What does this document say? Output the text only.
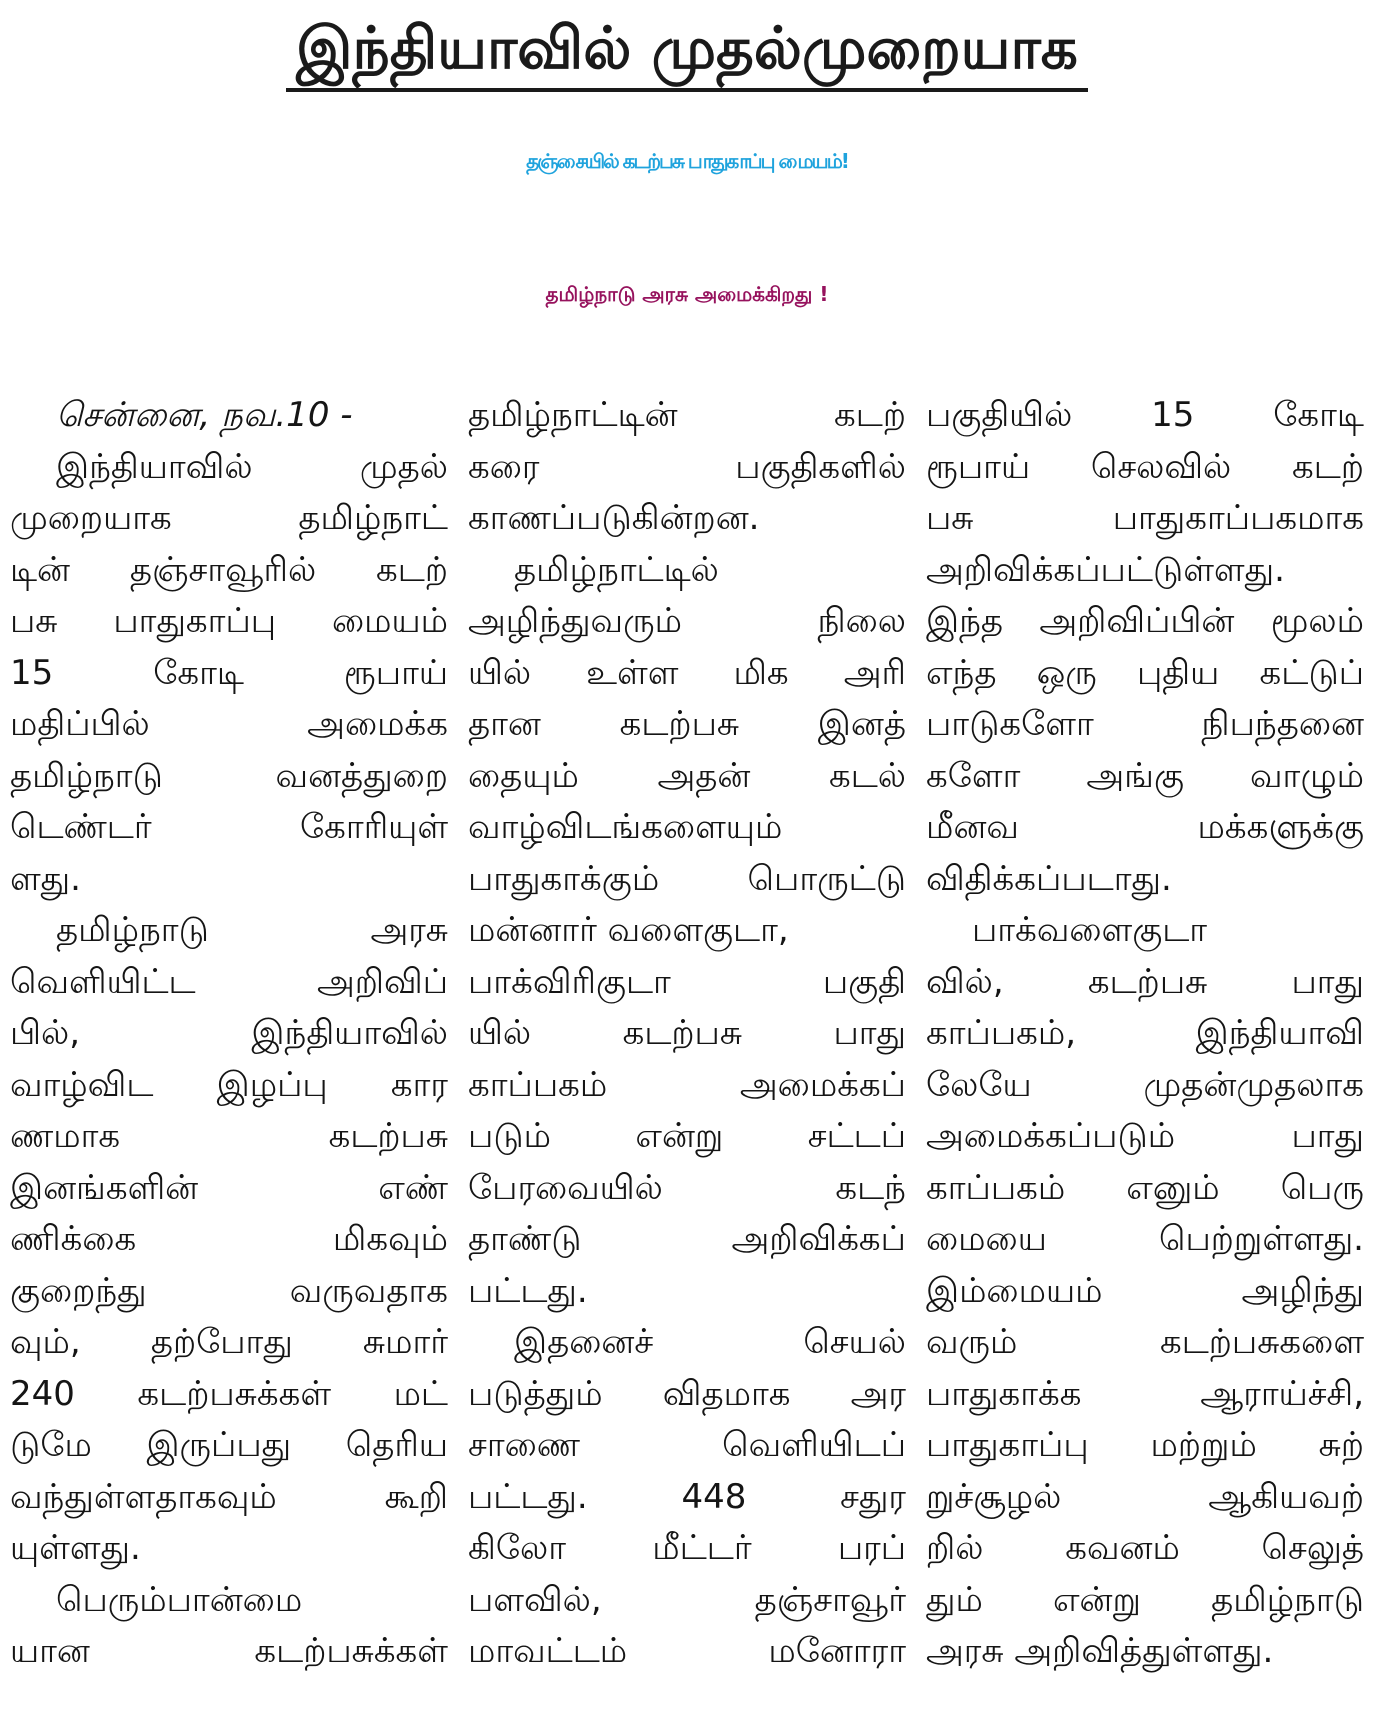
இந்தியாவில் முதல்முறையாக
தஞ்சையில் கடற்பசு பாதுகாப்பு மையம்!
தமிழ்நாடு அரசு அமைக்கிறது !
சென்னை, நவ.10 -
இந்தியாவில் முதல்
முறையாக தமிழ்நாட்
டின் தஞ்சாவூரில் கடற்
பசு பாதுகாப்பு மையம்
15 கோடி ரூபாய்
மதிப்பில் அமைக்க
தமிழ்நாடு வனத்துறை
டெண்டர் கோரியுள்
ளது.
தமிழ்நாடு அரசு
வெளியிட்ட அறிவிப்
பில், இந்தியாவில்
வாழ்விட இழப்பு கார
ணமாக கடற்பசு
இனங்களின் எண்
ணிக்கை மிகவும்
குறைந்து வருவதாக
வும், தற்போது சுமார்
240 கடற்பசுக்கள் மட்
டுமே இருப்பது தெரிய
வந்துள்ளதாகவும் கூறி
யுள்ளது.
பெரும்பான்மை
யான கடற்பசுக்கள்
தமிழ்நாட்டின் கடற்
கரை பகுதிகளில்
காணப்படுகின்றன.
தமிழ்நாட்டில்
அழிந்துவரும் நிலை
யில் உள்ள மிக அரி
தான கடற்பசு இனத்
தையும் அதன் கடல்
வாழ்விடங்களையும்
பாதுகாக்கும் பொருட்டு
மன்னார் வளைகுடா,
பாக்விரிகுடா பகுதி
யில் கடற்பசு பாது
காப்பகம் அமைக்கப்
படும் என்று சட்டப்
பேரவையில் கடந்
தாண்டு அறிவிக்கப்
பட்டது.
இதனைச் செயல்
படுத்தும் விதமாக அர
சாணை வெளியிடப்
பட்டது. 448 சதுர
கிலோ மீட்டர் பரப்
பளவில், தஞ்சாவூர்
மாவட்டம் மனோரா
பகுதியில் 15 கோடி
ரூபாய் செலவில் கடற்
பசு பாதுகாப்பகமாக
அறிவிக்கப்பட்டுள்ளது.
இந்த அறிவிப்பின் மூலம்
எந்த ஒரு புதிய கட்டுப்
பாடுகளோ நிபந்தனை
களோ அங்கு வாழும்
மீனவ மக்களுக்கு
விதிக்கப்படாது.
பாக்வளைகுடா
வில், கடற்பசு பாது
காப்பகம், இந்தியாவி
லேயே முதன்முதலாக
அமைக்கப்படும் பாது
காப்பகம் எனும் பெரு
மையை பெற்றுள்ளது.
இம்மையம் அழிந்து
வரும் கடற்பசுகளை
பாதுகாக்க ஆராய்ச்சி,
பாதுகாப்பு மற்றும் சுற்
றுச்சூழல் ஆகியவற்
றில் கவனம் செலுத்
தும் என்று தமிழ்நாடு
அரசு அறிவித்துள்ளது.
